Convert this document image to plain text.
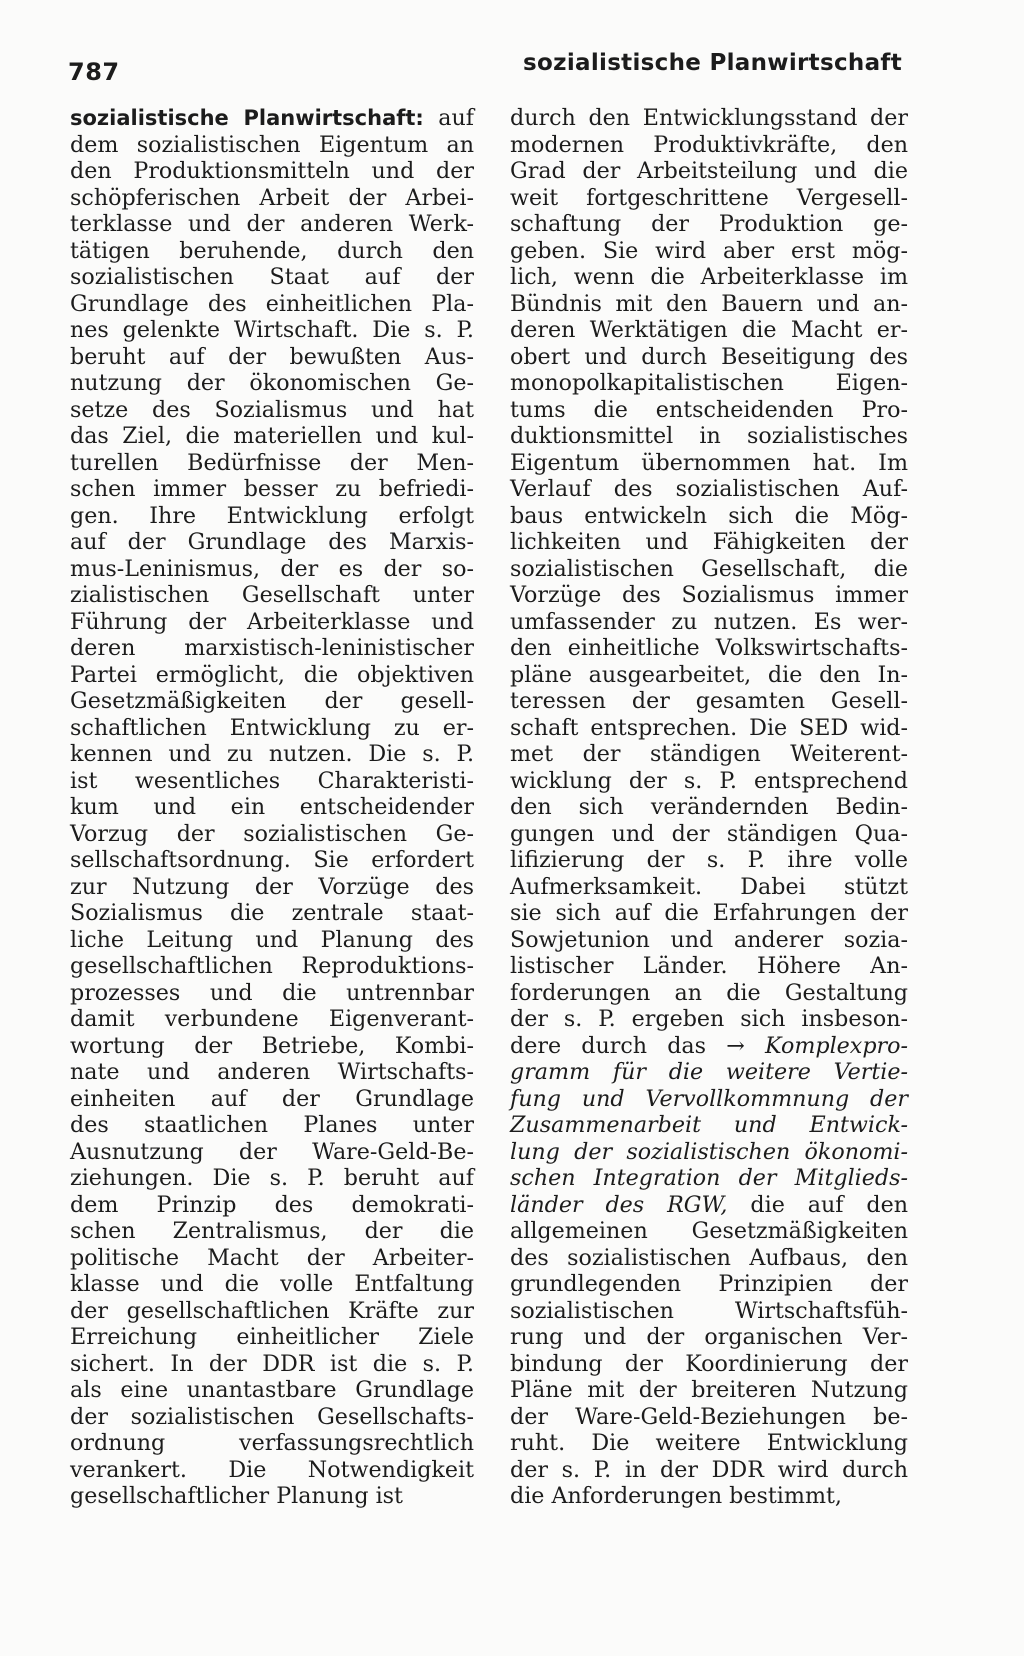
787	sozialistische Planwirtschaft
sozialistische Planwirtschaft: auf
dem sozialistischen Eigentum an
den Produktionsmitteln und der
schöpferischen Arbeit der Arbei-
terklasse und der anderen Werk-
tätigen beruhende, durch den
sozialistischen Staat auf der
Grundlage des einheitlichen Pla-
nes gelenkte Wirtschaft. Die s. P.
beruht auf der bewußten Aus-
nutzung der ökonomischen Ge-
setze des Sozialismus und hat
das Ziel, die materiellen und kul-
turellen Bedürfnisse der Men-
schen immer besser zu befriedi-
gen. Ihre Entwicklung erfolgt
auf der Grundlage des Marxis-
mus-Leninismus, der es der so-
zialistischen Gesellschaft unter
Führung der Arbeiterklasse und
deren marxistisch-leninistischer
Partei ermöglicht, die objektiven
Gesetzmäßigkeiten der gesell-
schaftlichen Entwicklung zu er-
kennen und zu nutzen. Die s. P.
ist wesentliches Charakteristi-
kum und ein entscheidender
Vorzug der sozialistischen Ge-
sellschaftsordnung. Sie erfordert
zur Nutzung der Vorzüge des
Sozialismus die zentrale staat-
liche Leitung und Planung des
gesellschaftlichen Reproduktions-
prozesses und die untrennbar
damit verbundene Eigenverant-
wortung der Betriebe, Kombi-
nate und anderen Wirtschafts-
einheiten auf der Grundlage
des staatlichen Planes unter
Ausnutzung der Ware-Geld-Be-
ziehungen. Die s. P. beruht auf
dem Prinzip des demokrati-
schen Zentralismus, der die
politische Macht der Arbeiter-
klasse und die volle Entfaltung
der gesellschaftlichen Kräfte zur
Erreichung einheitlicher Ziele
sichert. In der DDR ist die s. P.
als eine unantastbare Grundlage
der sozialistischen Gesellschafts-
ordnung verfassungsrechtlich
verankert. Die Notwendigkeit
gesellschaftlicher Planung ist
durch den Entwicklungsstand der
modernen Produktivkräfte, den
Grad der Arbeitsteilung und die
weit fortgeschrittene Vergesell-
schaftung der Produktion ge-
geben. Sie wird aber erst mög-
lich, wenn die Arbeiterklasse im
Bündnis mit den Bauern und an-
deren Werktätigen die Macht er-
obert und durch Beseitigung des
monopolkapitalistischen Eigen-
tums die entscheidenden Pro-
duktionsmittel in sozialistisches
Eigentum übernommen hat. Im
Verlauf des sozialistischen Auf-
baus entwickeln sich die Mög-
lichkeiten und Fähigkeiten der
sozialistischen Gesellschaft, die
Vorzüge des Sozialismus immer
umfassender zu nutzen. Es wer-
den einheitliche Volkswirtschafts-
pläne ausgearbeitet, die den In-
teressen der gesamten Gesell-
schaft entsprechen. Die SED wid-
met der ständigen Weiterent-
wicklung der s. P. entsprechend
den sich verändernden Bedin-
gungen und der ständigen Qua-
lifizierung der s. P. ihre volle
Aufmerksamkeit. Dabei stützt
sie sich auf die Erfahrungen der
Sowjetunion und anderer sozia-
listischer Länder. Höhere An-
forderungen an die Gestaltung
der s. P. ergeben sich insbeson-
dere durch das → Komplexpro-
gramm für die weitere Vertie-
fung und Vervollkommnung der
Zusammenarbeit und Entwick-
lung der sozialistischen ökonomi-
schen Integration der Mitglieds-
länder des RGW, die auf den
allgemeinen Gesetzmäßigkeiten
des sozialistischen Aufbaus, den
grundlegenden Prinzipien der
sozialistischen Wirtschaftsfüh-
rung und der organischen Ver-
bindung der Koordinierung der
Pläne mit der breiteren Nutzung
der Ware-Geld-Beziehungen be-
ruht. Die weitere Entwicklung
der s. P. in der DDR wird durch
die Anforderungen bestimmt,
